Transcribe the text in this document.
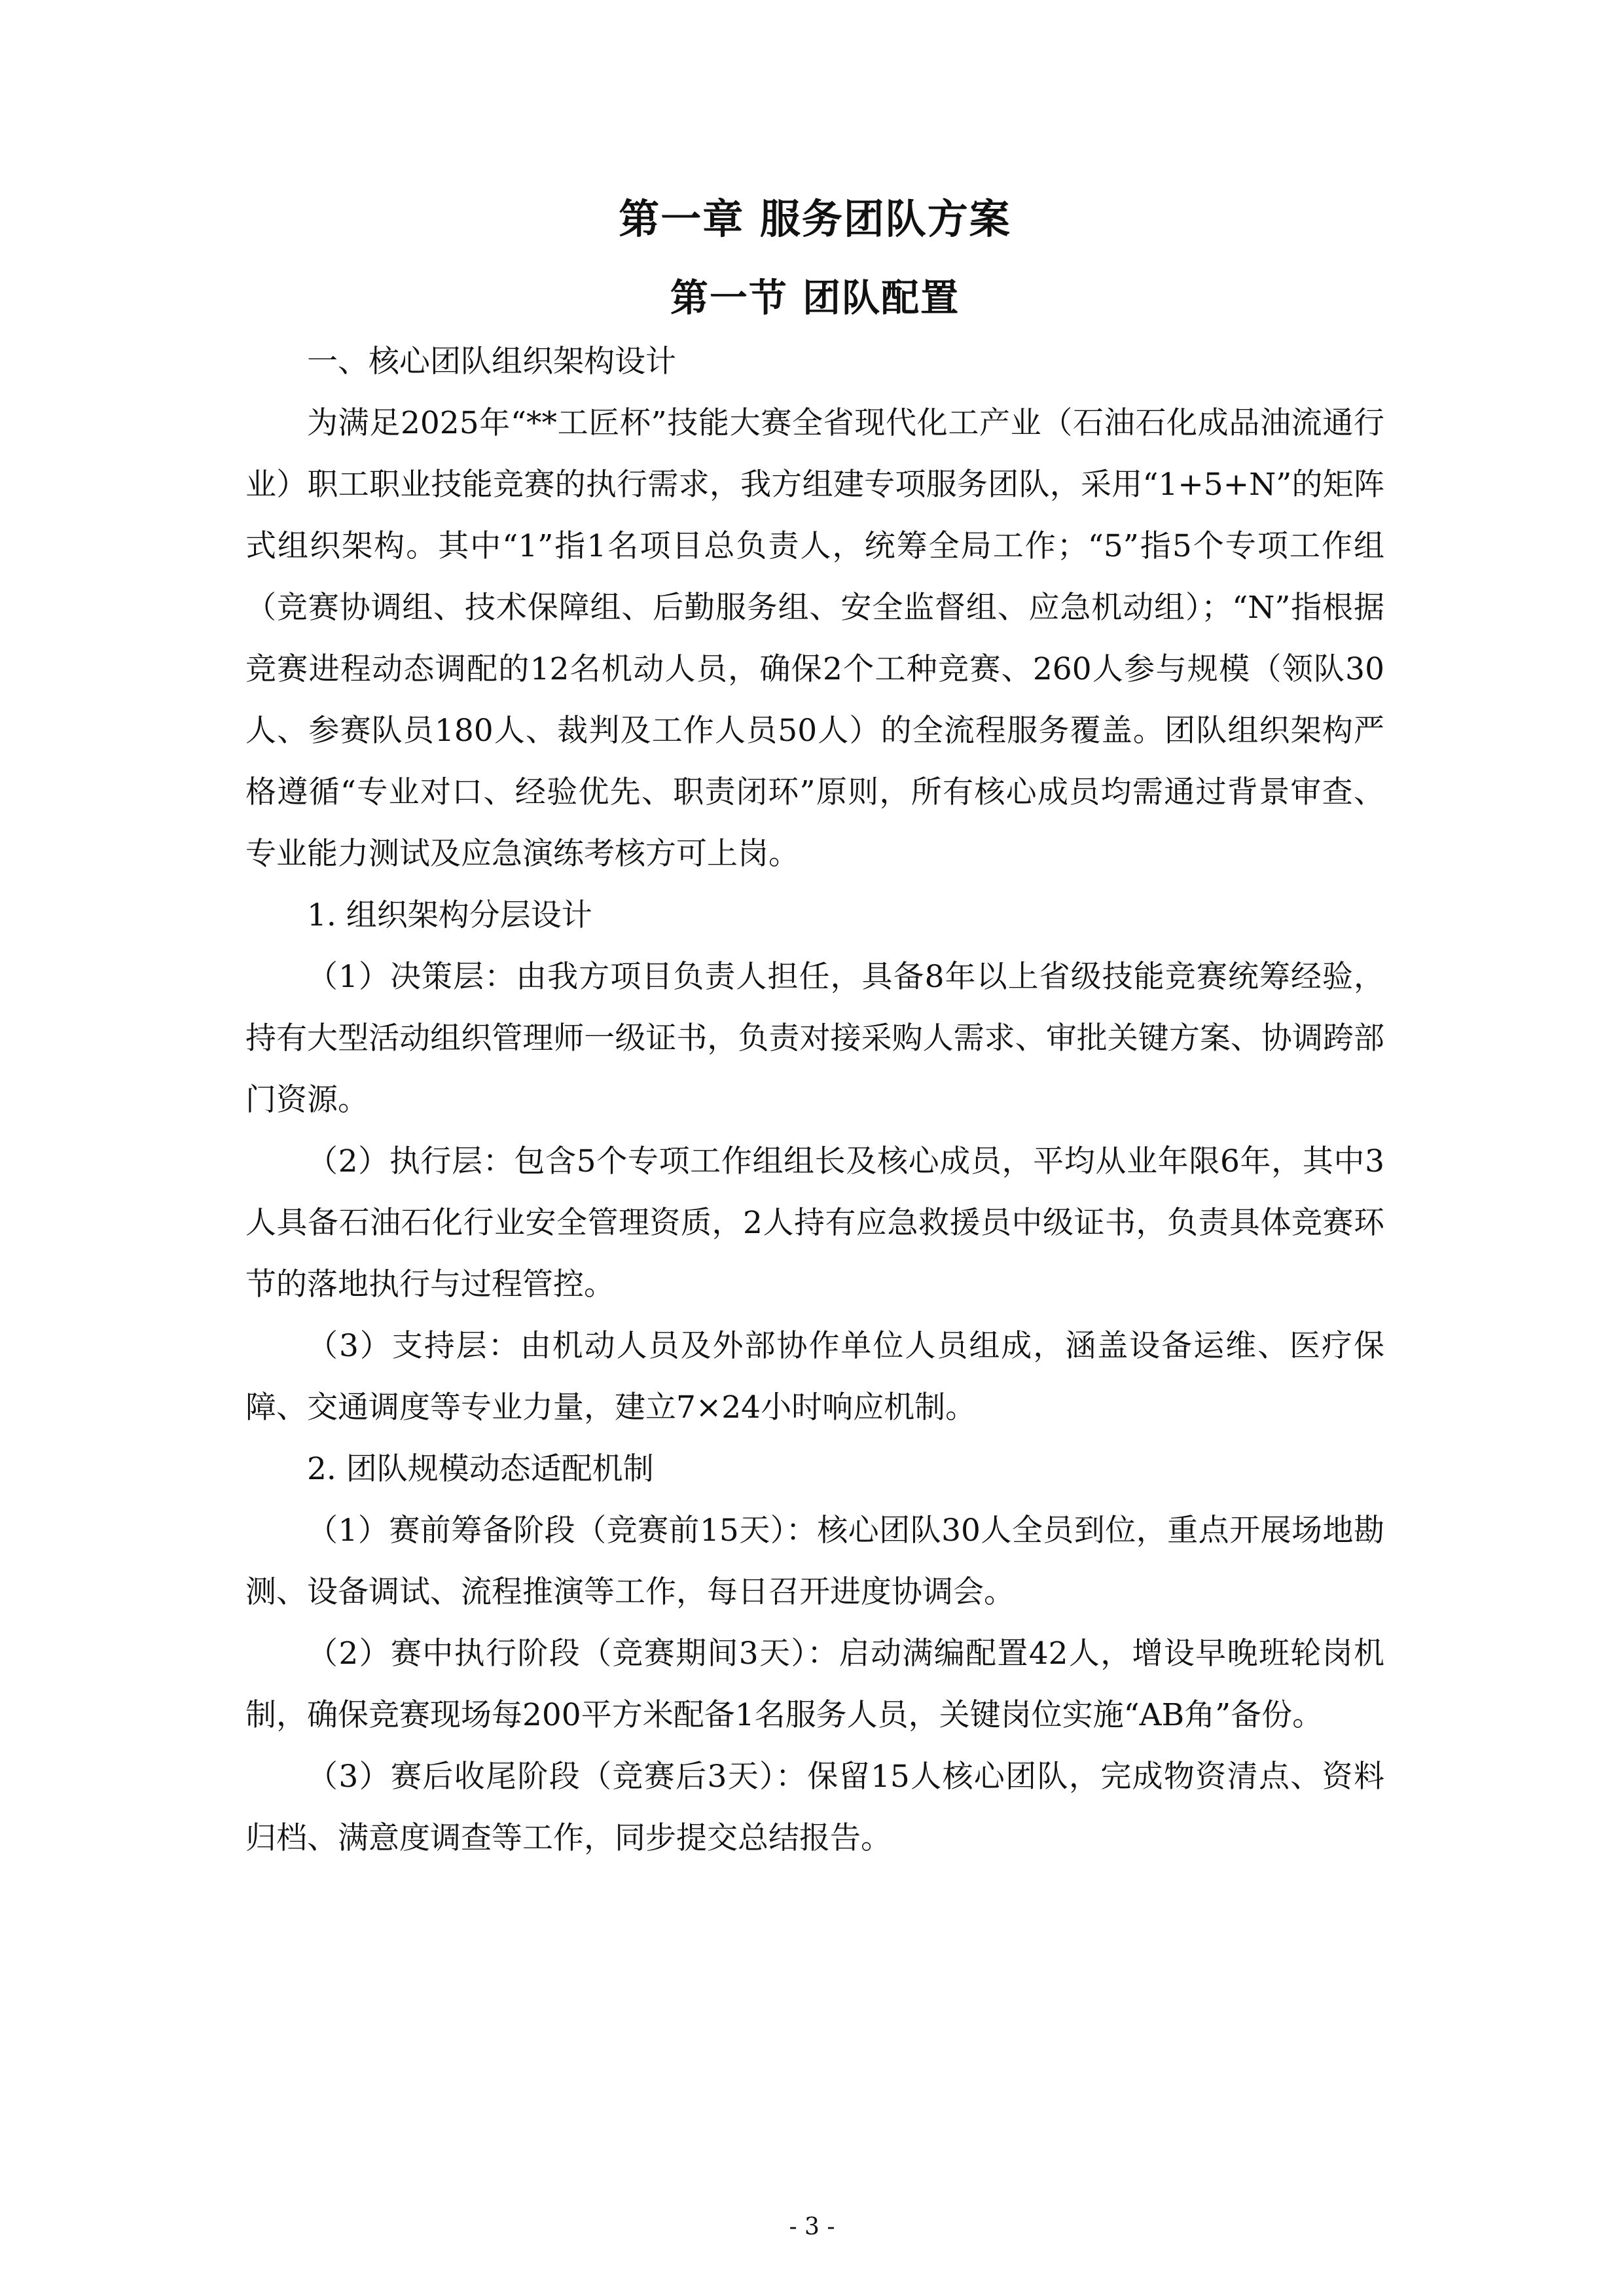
第一章 服务团队方案
第一节 团队配置

一、核心团队组织架构设计

为满足2025年“**工匠杯”技能大赛全省现代化工产业（石油石化成品油流通行业）职工职业技能竞赛的执行需求，我方组建专项服务团队，采用“1+5+N”的矩阵式组织架构。其中“1”指1名项目总负责人，统筹全局工作；“5”指5个专项工作组（竞赛协调组、技术保障组、后勤服务组、安全监督组、应急机动组）；“N”指根据竞赛进程动态调配的12名机动人员，确保2个工种竞赛、260人参与规模（领队30人、参赛队员180人、裁判及工作人员50人）的全流程服务覆盖。团队组织架构严格遵循“专业对口、经验优先、职责闭环”原则，所有核心成员均需通过背景审查、专业能力测试及应急演练考核方可上岗。

1. 组织架构分层设计

（1）决策层：由我方项目负责人担任，具备8年以上省级技能竞赛统筹经验，持有大型活动组织管理师一级证书，负责对接采购人需求、审批关键方案、协调跨部门资源。

（2）执行层：包含5个专项工作组组长及核心成员，平均从业年限6年，其中3人具备石油石化行业安全管理资质，2人持有应急救援员中级证书，负责具体竞赛环节的落地执行与过程管控。

（3）支持层：由机动人员及外部协作单位人员组成，涵盖设备运维、医疗保障、交通调度等专业力量，建立7×24小时响应机制。

2. 团队规模动态适配机制

（1）赛前筹备阶段（竞赛前15天）：核心团队30人全员到位，重点开展场地勘测、设备调试、流程推演等工作，每日召开进度协调会。

（2）赛中执行阶段（竞赛期间3天）：启动满编配置42人，增设早晚班轮岗机制，确保竞赛现场每200平方米配备1名服务人员，关键岗位实施“AB角”备份。

（3）赛后收尾阶段（竞赛后3天）：保留15人核心团队，完成物资清点、资料归档、满意度调查等工作，同步提交总结报告。

- 3 -
